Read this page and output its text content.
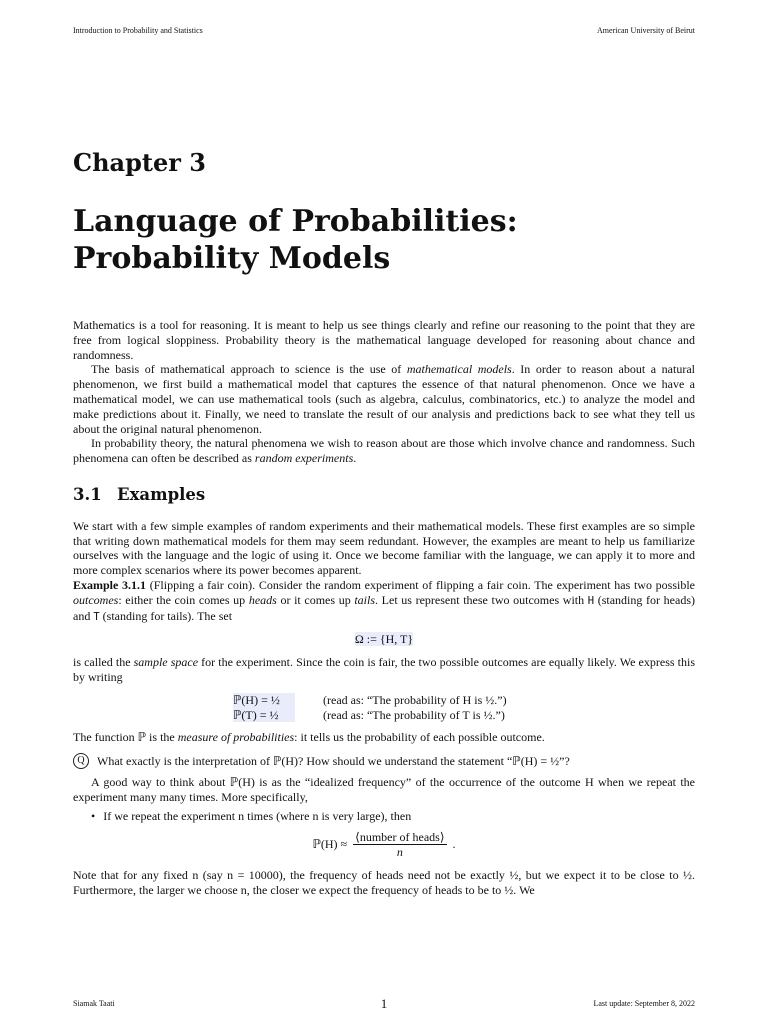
Introduction to Probability and Statistics	American University of Beirut
Chapter 3
Language of Probabilities: Probability Models

Mathematics is a tool for reasoning. It is meant to help us see things clearly and refine our reasoning to the point that they are free from logical sloppiness. Probability theory is the mathematical language developed for reasoning about chance and randomness.

The basis of mathematical approach to science is the use of mathematical models. In order to reason about a natural phenomenon, we first build a mathematical model that captures the essence of that natural phenomenon. Once we have a mathematical model, we can use mathematical tools (such as algebra, calculus, combinatorics, etc.) to analyze the model and make predictions about it. Finally, we need to translate the result of our analysis and predictions back to see what they tell us about the original natural phenomenon.

In probability theory, the natural phenomena we wish to reason about are those which involve chance and randomness. Such phenomena can often be described as random experiments.

3.1 Examples

We start with a few simple examples of random experiments and their mathematical models. These first examples are so simple that writing down mathematical models for them may seem redundant. However, the examples are meant to help us familiarize ourselves with the language and the logic of using it. Once we become familiar with the language, we can apply it to more and more complex scenarios where its power becomes apparent.

Example 3.1.1 (Flipping a fair coin). Consider the random experiment of flipping a fair coin. The experiment has two possible outcomes: either the coin comes up heads or it comes up tails. Let us represent these two outcomes with H (standing for heads) and T (standing for tails). The set

Ω := {H, T}

is called the sample space for the experiment. Since the coin is fair, the two possible outcomes are equally likely. We express this by writing

ℙ(H) = ½	(read as: “The probability of H is ½.”)
ℙ(T) = ½	(read as: “The probability of T is ½.”)

The function ℙ is the measure of probabilities: it tells us the probability of each possible outcome.

Q	What exactly is the interpretation of ℙ(H)? How should we understand the statement “ℙ(H) = ½”?

A good way to think about ℙ(H) is as the “idealized frequency” of the occurrence of the outcome H when we repeat the experiment many many times. More specifically,

• If we repeat the experiment n times (where n is very large), then
ℙ(H) ≈ $\frac{\text{⟨number of heads⟩}}{n}$ .

Note that for any fixed n (say n = 10000), the frequency of heads need not be exactly ½, but we expect it to be close to ½. Furthermore, the larger we choose n, the closer we expect the frequency of heads to be to ½. We

Siamak Taati	1	Last update: September 8, 2022
